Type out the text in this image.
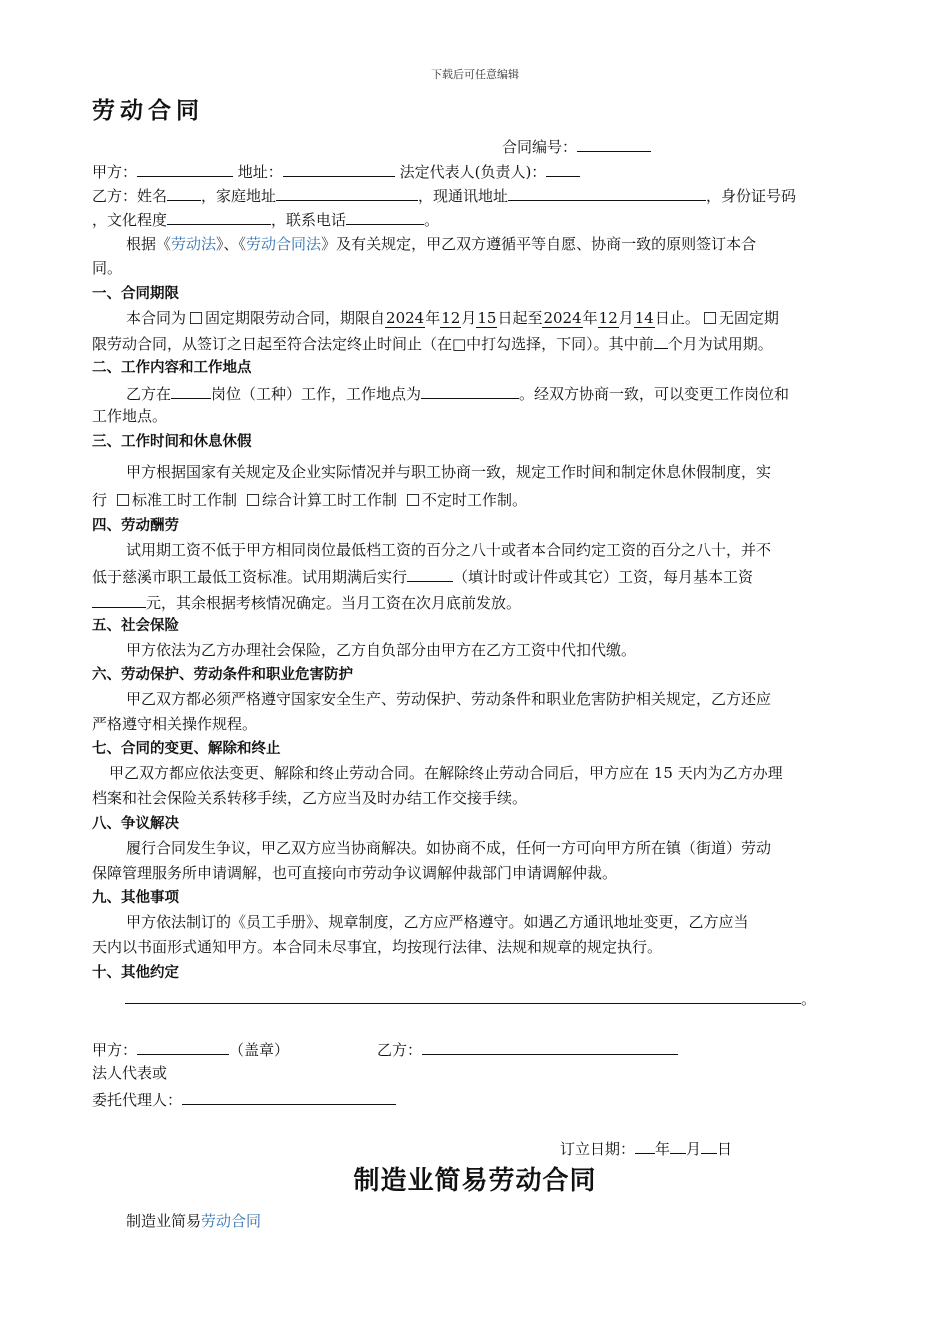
下载后可任意编辑
劳动合同
合同编号：
甲方：	地址：	法定代表人(负责人)：
乙方：姓名 ，家庭地址	，现通讯地址	，身份证号码
，文化程度	，联系电话	。
根据《劳动法》、《劳动合同法》及有关规定，甲乙双方遵循平等自愿、协商一致的原则签订本合
同。
一、合同期限
本合同为 固定期限劳动合同，期限自2024年12月15日起至2024年12月14日止。 无固定期
限劳动合同，从签订之日起至符合法定终止时间止（在□中打勾选择，下同）。其中前 个月为试用期。
二、工作内容和工作地点
乙方在	岗位（工种）工作，工作地点为	。经双方协商一致，可以变更工作岗位和
工作地点。
三、工作时间和休息休假
甲方根据国家有关规定及企业实际情况并与职工协商一致，规定工作时间和制定休息休假制度，实
行 标准工时工作制 综合计算工时工作制 不定时工作制。
四、劳动酬劳
试用期工资不低于甲方相同岗位最低档工资的百分之八十或者本合同约定工资的百分之八十，并不
低于慈溪市职工最低工资标准。试用期满后实行	（填计时或计件或其它）工资，每月基本工资
元，其余根据考核情况确定。当月工资在次月底前发放。
五、社会保险
甲方依法为乙方办理社会保险，乙方自负部分由甲方在乙方工资中代扣代缴。
六、劳动保护、劳动条件和职业危害防护
甲乙双方都必须严格遵守国家安全生产、劳动保护、劳动条件和职业危害防护相关规定，乙方还应
严格遵守相关操作规程。
七、合同的变更、解除和终止
甲乙双方都应依法变更、解除和终止劳动合同。在解除终止劳动合同后，甲方应在 15 天内为乙方办理
档案和社会保险关系转移手续，乙方应当及时办结工作交接手续。
八、争议解决
履行合同发生争议，甲乙双方应当协商解决。如协商不成，任何一方可向甲方所在镇（街道）劳动
保障管理服务所申请调解，也可直接向市劳动争议调解仲裁部门申请调解仲裁。
九、其他事项
甲方依法制订的《员工手册》、规章制度，乙方应严格遵守。如遇乙方通讯地址变更，乙方应当
天内以书面形式通知甲方。本合同未尽事宜，均按现行法律、法规和规章的规定执行。
十、其他约定
。
甲方：	（盖章）	乙方：
法人代表或
委托代理人：
订立日期： 年 月 日
制造业简易劳动合同
制造业简易劳动合同
